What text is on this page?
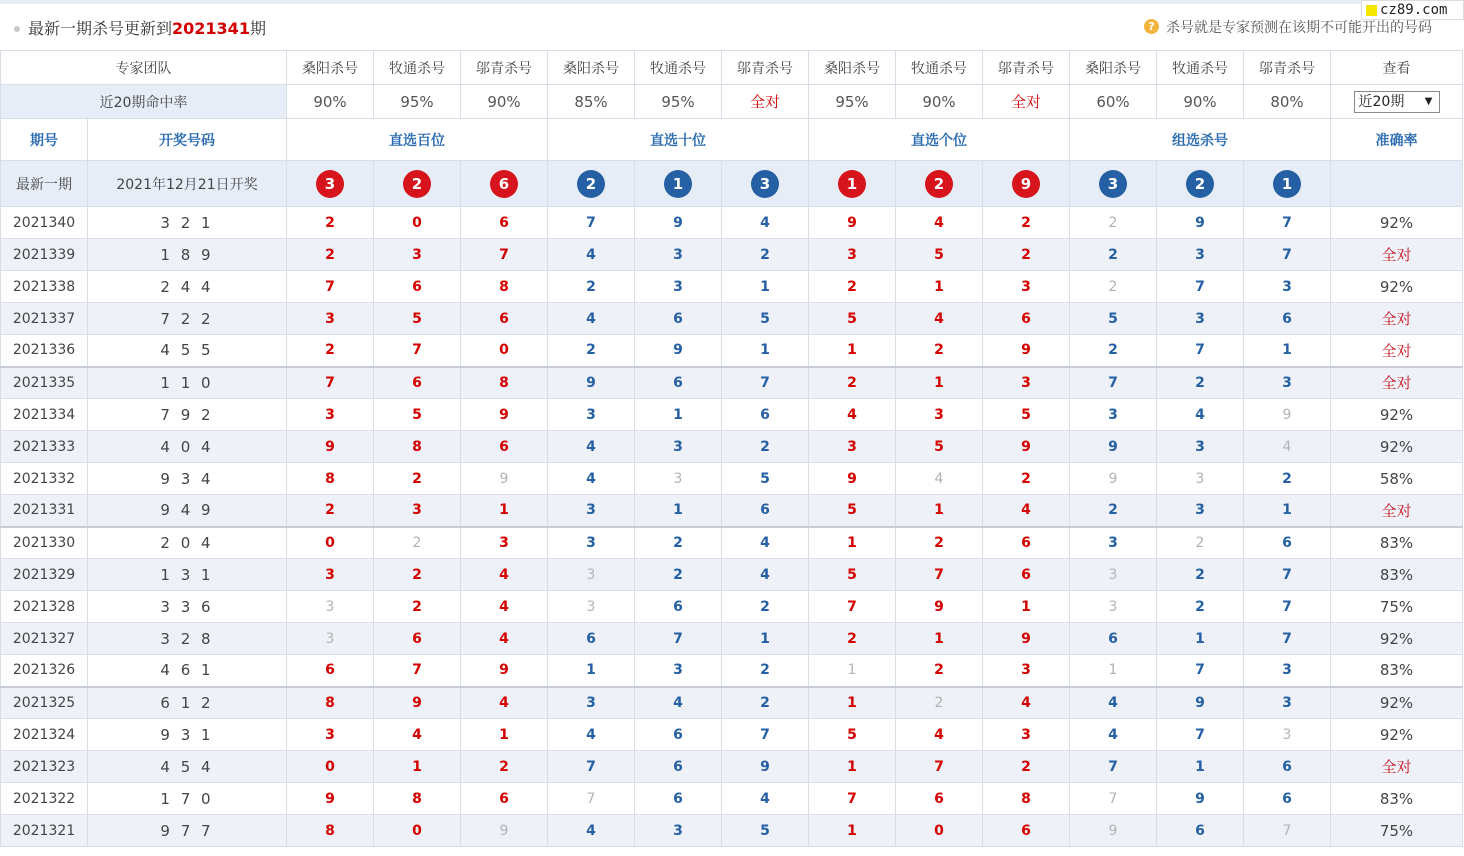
最新一期杀号更新到2021341期	? 杀号就是专家预测在该期不可能开出的号码
cz89.com
专家团队		桑阳杀号	牧通杀号	邬青杀号	桑阳杀号	牧通杀号	邬青杀号	桑阳杀号	牧通杀号	邬青杀号	桑阳杀号	牧通杀号	邬青杀号	查看
近20期命中率		90%	95%	90%	85%	95%	全对	95%	90%	全对	60%	90%	80%	近20期 ▼

期号	开奖号码	直选百位			直选十位			直选个位			组选杀号			准确率
最新一期	2021年12月21日开奖	3	2	6	2	1	3	1	2	9	3	2	1	
2021340	3 2 1	2	0	6	7	9	4	9	4	2	2	9	7	92%
2021339	1 8 9	2	3	7	4	3	2	3	5	2	2	3	7	全对
2021338	2 4 4	7	6	8	2	3	1	2	1	3	2	7	3	92%
2021337	7 2 2	3	5	6	4	6	5	5	4	6	5	3	6	全对
2021336	4 5 5	2	7	0	2	9	1	1	2	9	2	7	1	全对
2021335	1 1 0	7	6	8	9	6	7	2	1	3	7	2	3	全对
2021334	7 9 2	3	5	9	3	1	6	4	3	5	3	4	9	92%
2021333	4 0 4	9	8	6	4	3	2	3	5	9	9	3	4	92%
2021332	9 3 4	8	2	9	4	3	5	9	4	2	9	3	2	58%
2021331	9 4 9	2	3	1	3	1	6	5	1	4	2	3	1	全对
2021330	2 0 4	0	2	3	3	2	4	1	2	6	3	2	6	83%
2021329	1 3 1	3	2	4	3	2	4	5	7	6	3	2	7	83%
2021328	3 3 6	3	2	4	3	6	2	7	9	1	3	2	7	75%
2021327	3 2 8	3	6	4	6	7	1	2	1	9	6	1	7	92%
2021326	4 6 1	6	7	9	1	3	2	1	2	3	1	7	3	83%
2021325	6 1 2	8	9	4	3	4	2	1	2	4	4	9	3	92%
2021324	9 3 1	3	4	1	4	6	7	5	4	3	4	7	3	92%
2021323	4 5 4	0	1	2	7	6	9	1	7	2	7	1	6	全对
2021322	1 7 0	9	8	6	7	6	4	7	6	8	7	9	6	83%
2021321	9 7 7	8	0	9	4	3	5	1	0	6	9	6	7	75%
